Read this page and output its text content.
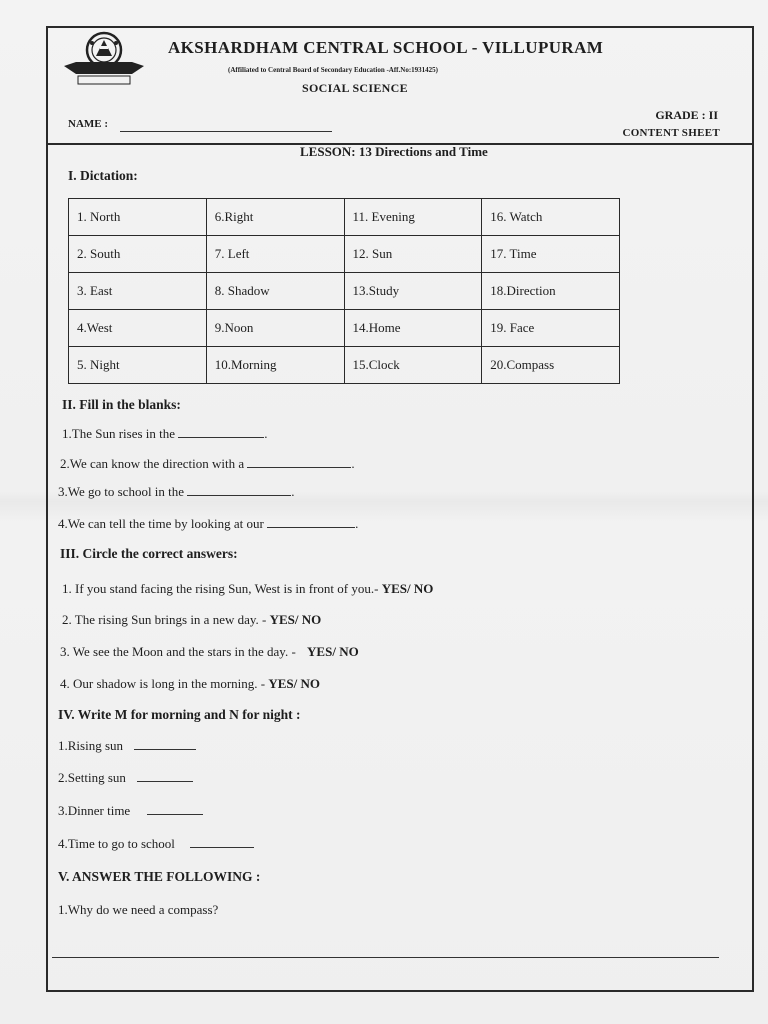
AKSHARDHAM CENTRAL SCHOOL - VILLUPURAM
(Affiliated to Central Board of Secondary Education -Aff.No:1931425)
SOCIAL SCIENCE
GRADE : II
CONTENT SHEET
NAME :
LESSON: 13 Directions and Time
I. Dictation:
1. North	6.Right	11. Evening	16. Watch
2. South	7. Left	12. Sun	17. Time
3. East	8. Shadow	13.Study	18.Direction
4.West	9.Noon	14.Home	19. Face
5. Night	10.Morning	15.Clock	20.Compass
II. Fill in the blanks:
1.The Sun rises in the	.
2.We can know the direction with a	.
3.We go to school in the	.
4.We can tell the time by looking at our	.
III. Circle the correct answers:
1. If you stand facing the rising Sun, West is in front of you.- YES/ NO
2. The rising Sun brings in a new day. - YES/ NO
3. We see the Moon and the stars in the day. - YES/ NO
4. Our shadow is long in the morning. - YES/ NO
IV. Write M for morning and N for night :
1.Rising sun
2.Setting sun
3.Dinner time
4.Time to go to school
V. ANSWER THE FOLLOWING :
1.Why do we need a compass?
